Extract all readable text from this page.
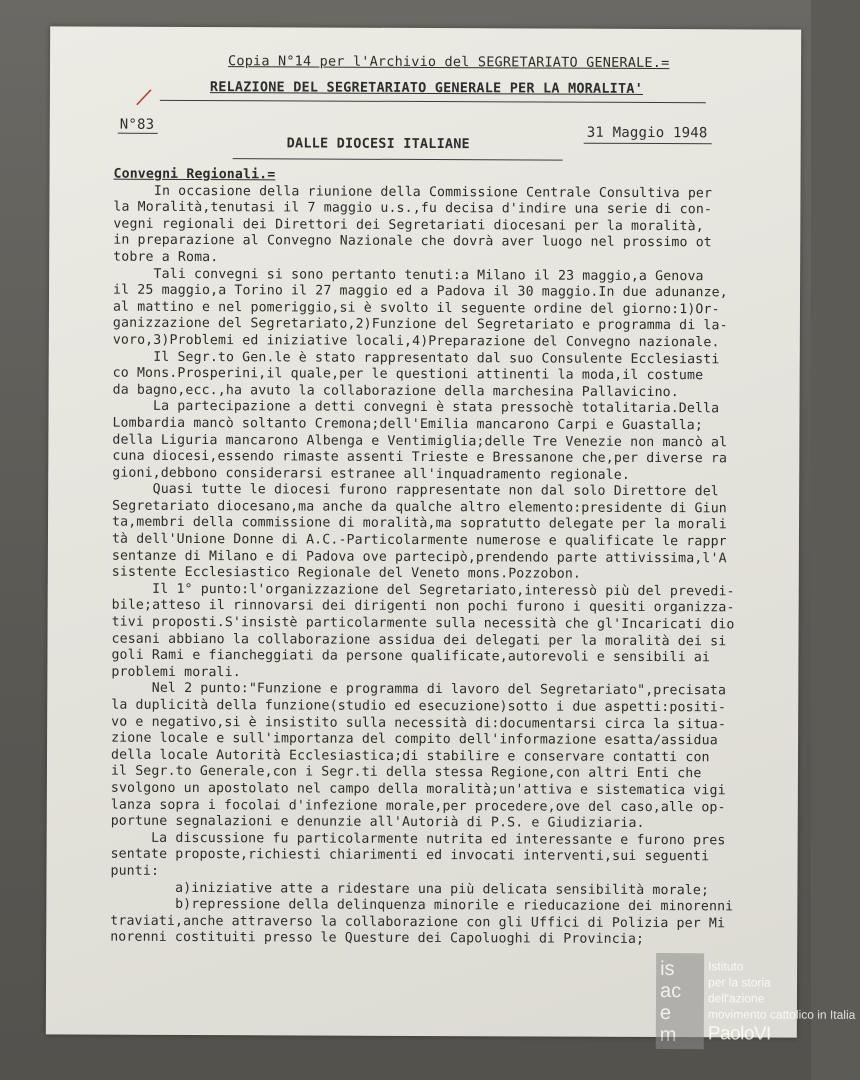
Copia N°14 per l'Archivio del SEGRETARIATO GENERALE.=
RELAZIONE DEL SEGRETARIATO GENERALE PER LA MORALITA'
N°83	31 Maggio 1948
DALLE DIOCESI ITALIANE
Convegni Regionali.=
In occasione della riunione della Commissione Centrale Consultiva per
la Moralità,tenutasi il 7 maggio u.s.,fu decisa d'indire una serie di con-
vegni regionali dei Direttori dei Segretariati diocesani per la moralità,
in preparazione al Convegno Nazionale che dovrà aver luogo nel prossimo ot
tobre a Roma.
Tali convegni si sono pertanto tenuti:a Milano il 23 maggio,a Genova
il 25 maggio,a Torino il 27 maggio ed a Padova il 30 maggio.In due adunanze,
al mattino e nel pomeriggio,si è svolto il seguente ordine del giorno:1)Or-
ganizzazione del Segretariato,2)Funzione del Segretariato e programma di la-
voro,3)Problemi ed iniziative locali,4)Preparazione del Convegno nazionale.
Il Segr.to Gen.le è stato rappresentato dal suo Consulente Ecclesiasti
co Mons.Prosperini,il quale,per le questioni attinenti la moda,il costume
da bagno,ecc.,ha avuto la collaborazione della marchesina Pallavicino.
La partecipazione a detti convegni è stata pressochè totalitaria.Della
Lombardia mancò soltanto Cremona;dell'Emilia mancarono Carpi e Guastalla;
della Liguria mancarono Albenga e Ventimiglia;delle Tre Venezie non mancò al
cuna diocesi,essendo rimaste assenti Trieste e Bressanone che,per diverse ra
gioni,debbono considerarsi estranee all'inquadramento regionale.
Quasi tutte le diocesi furono rappresentate non dal solo Direttore del
Segretariato diocesano,ma anche da qualche altro elemento:presidente di Giun
ta,membri della commissione di moralità,ma sopratutto delegate per la morali
tà dell'Unione Donne di A.C.-Particolarmente numerose e qualificate le rappr
sentanze di Milano e di Padova ove partecipò,prendendo parte attivissima,l'A
sistente Ecclesiastico Regionale del Veneto mons.Pozzobon.
Il 1° punto:l'organizzazione del Segretariato,interessò più del prevedi-
bile;atteso il rinnovarsi dei dirigenti non pochi furono i quesiti organizza-
tivi proposti.S'insistè particolarmente sulla necessità che gl'Incaricati dio
cesani abbiano la collaborazione assidua dei delegati per la moralità dei si
goli Rami e fiancheggiati da persone qualificate,autorevoli e sensibili ai
problemi morali.
Nel 2 punto:"Funzione e programma di lavoro del Segretariato",precisata
la duplicità della funzione(studio ed esecuzione)sotto i due aspetti:positi-
vo e negativo,si è insistito sulla necessità di:documentarsi circa la situa-
zione locale e sull'importanza del compito dell'informazione esatta/assidua
della locale Autorità Ecclesiastica;di stabilire e conservare contatti con
il Segr.to Generale,con i Segr.ti della stessa Regione,con altri Enti che
svolgono un apostolato nel campo della moralità;un'attiva e sistematica vigi
lanza sopra i focolai d'infezione morale,per procedere,ove del caso,alle op-
portune segnalazioni e denunzie all'Autorià di P.S. e Giudiziaria.
La discussione fu particolarmente nutrita ed interessante e furono pres
sentate proposte,richiesti chiarimenti ed invocati interventi,sui seguenti
punti:
a)iniziative atte a ridestare una più delicata sensibilità morale;
b)repressione della delinquenza minorile e rieducazione dei minorenni
traviati,anche attraverso la collaborazione con gli Uffici di Polizia per Mi
norenni costituiti presso le Questure dei Capoluoghi di Provincia;
is
ac
e
m
Istituto
per la storia
dell'azione
movimento cattolico in Italia
PaoloVI
